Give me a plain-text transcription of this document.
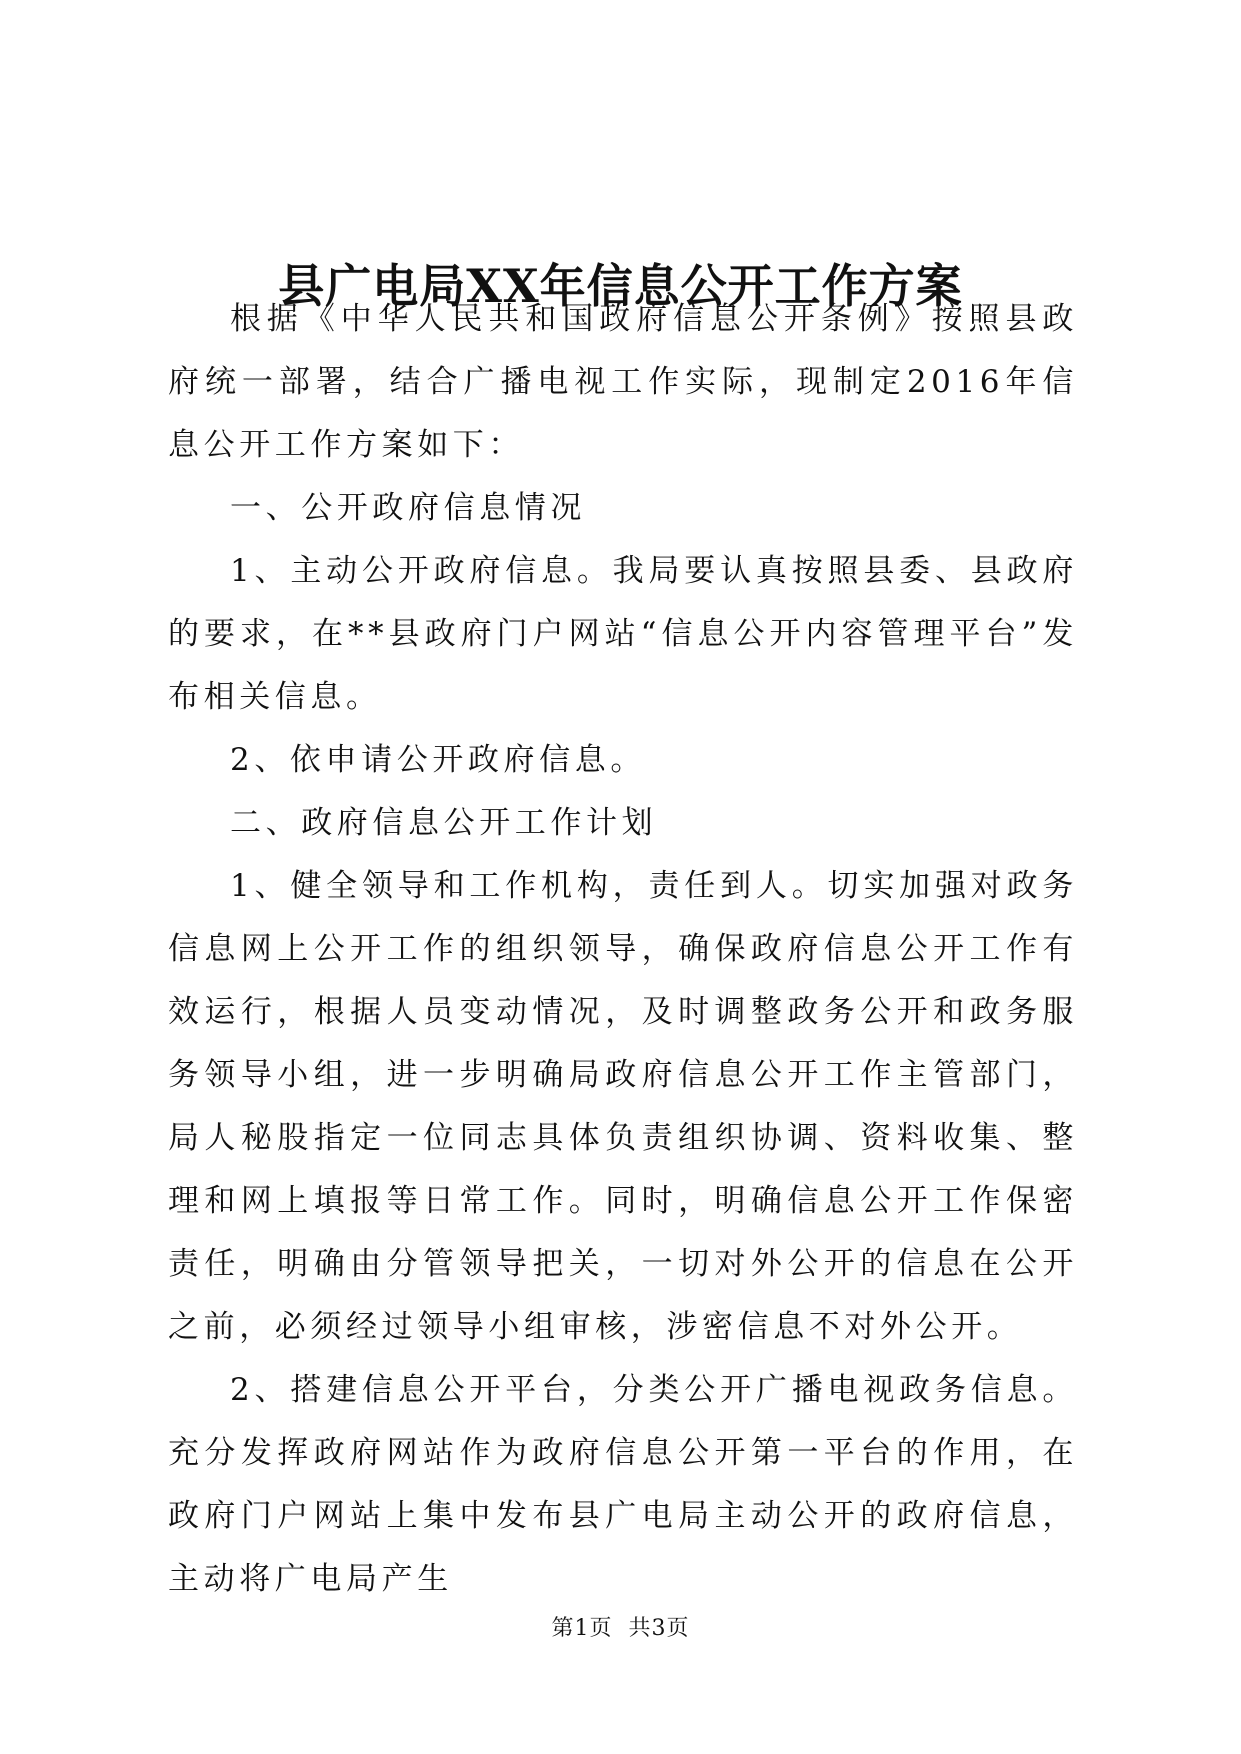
县广电局XX年信息公开工作方案

根据《中华人民共和国政府信息公开条例》按照县政府统一部署，结合广播电视工作实际，现制定2016年信息公开工作方案如下：

一、公开政府信息情况

1、主动公开政府信息。我局要认真按照县委、县政府的要求，在**县政府门户网站“信息公开内容管理平台”发布相关信息。

2、依申请公开政府信息。

二、政府信息公开工作计划

1、健全领导和工作机构，责任到人。切实加强对政务信息网上公开工作的组织领导，确保政府信息公开工作有效运行，根据人员变动情况，及时调整政务公开和政务服务领导小组，进一步明确局政府信息公开工作主管部门，局人秘股指定一位同志具体负责组织协调、资料收集、整理和网上填报等日常工作。同时，明确信息公开工作保密责任，明确由分管领导把关，一切对外公开的信息在公开之前，必须经过领导小组审核，涉密信息不对外公开。

2、搭建信息公开平台，分类公开广播电视政务信息。充分发挥政府网站作为政府信息公开第一平台的作用，在政府门户网站上集中发布县广电局主动公开的政府信息，主动将广电局产生

第1页  共3页
